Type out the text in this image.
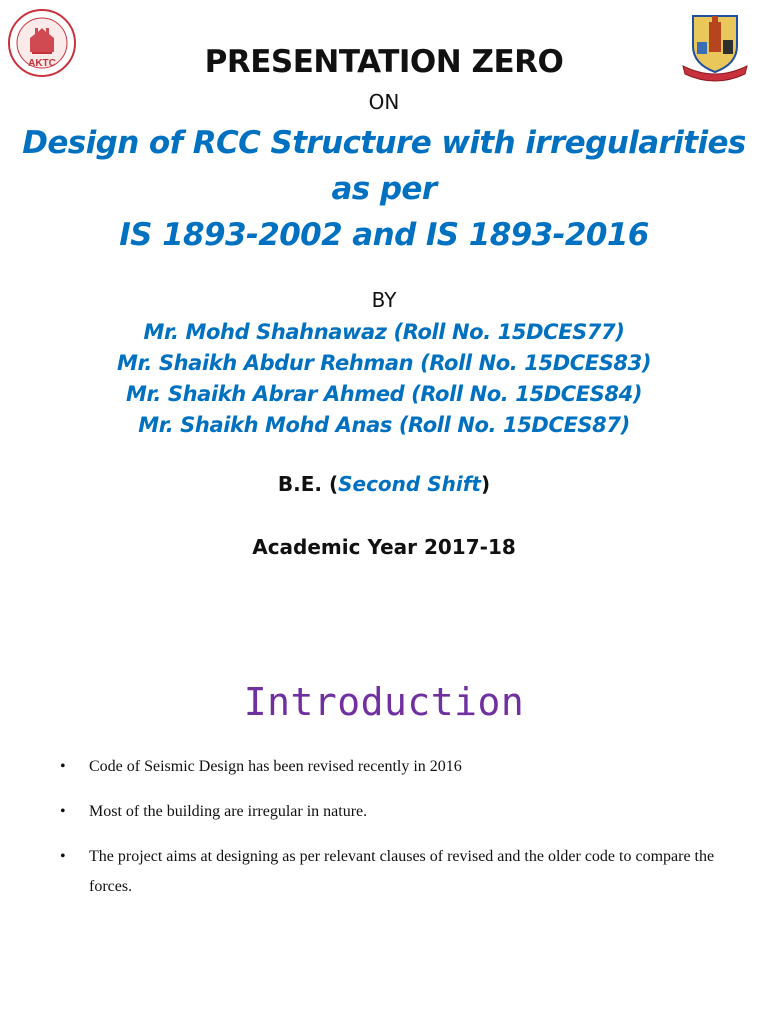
AKTC	PRESENTATION ZERO
ON
Design of RCC Structure with irregularities
as per
IS 1893-2002 and IS 1893-2016
BY
Mr. Mohd Shahnawaz (Roll No. 15DCES77)
Mr. Shaikh Abdur Rehman (Roll No. 15DCES83)
Mr. Shaikh Abrar Ahmed (Roll No. 15DCES84)
Mr. Shaikh Mohd Anas (Roll No. 15DCES87)
B.E. (Second Shift)
Academic Year 2017-18
Introduction
• Code of Seismic Design has been revised recently in 2016
• Most of the building are irregular in nature.
• The project aims at designing as per relevant clauses of revised and the older code to compare the forces.
